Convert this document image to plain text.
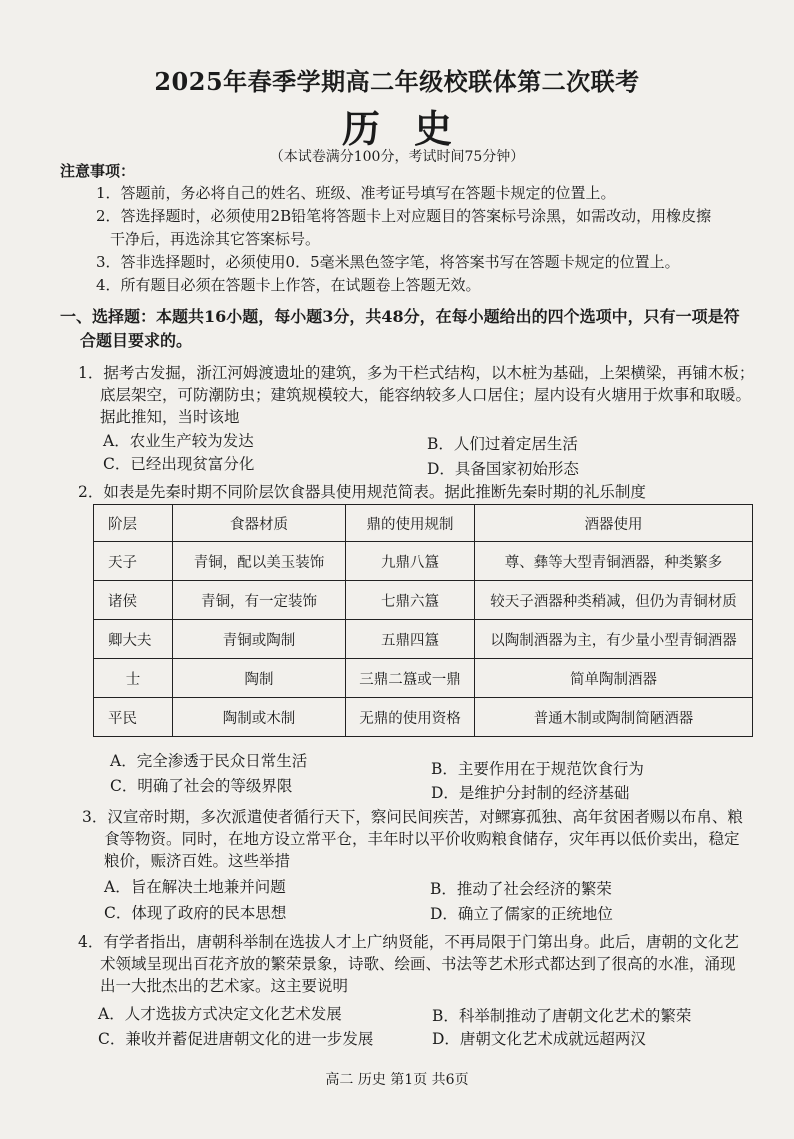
2025年春季学期高二年级校联体第二次联考
历史
（本试卷满分100分，考试时间75分钟）
注意事项：
1．答题前，务必将自己的姓名、班级、准考证号填写在答题卡规定的位置上。
2．答选择题时，必须使用2B铅笔将答题卡上对应题目的答案标号涂黑，如需改动，用橡皮擦
干净后，再选涂其它答案标号。
3．答非选择题时，必须使用0．5毫米黑色签字笔，将答案书写在答题卡规定的位置上。
4．所有题目必须在答题卡上作答，在试题卷上答题无效。
一、选择题：本题共16小题，每小题3分，共48分，在每小题给出的四个选项中，只有一项是符
合题目要求的。
1．据考古发掘，浙江河姆渡遗址的建筑，多为干栏式结构，以木桩为基础，上架横梁，再铺木板；
底层架空，可防潮防虫；建筑规模较大，能容纳较多人口居住；屋内设有火塘用于炊事和取暖。
据此推知，当时该地
A．农业生产较为发达	B．人们过着定居生活
C．已经出现贫富分化	D．具备国家初始形态
2．如表是先秦时期不同阶层饮食器具使用规范简表。据此推断先秦时期的礼乐制度
阶层	食器材质	鼎的使用规制	酒器使用
天子	青铜，配以美玉装饰	九鼎八簋	尊、彝等大型青铜酒器，种类繁多
诸侯	青铜，有一定装饰	七鼎六簋	较天子酒器种类稍减，但仍为青铜材质
卿大夫	青铜或陶制	五鼎四簋	以陶制酒器为主，有少量小型青铜酒器
士	陶制	三鼎二簋或一鼎	简单陶制酒器
平民	陶制或木制	无鼎的使用资格	普通木制或陶制简陋酒器
A．完全渗透于民众日常生活	B．主要作用在于规范饮食行为
C．明确了社会的等级界限	D．是维护分封制的经济基础
3．汉宣帝时期，多次派遣使者循行天下，察问民间疾苦，对鳏寡孤独、高年贫困者赐以布帛、粮
食等物资。同时，在地方设立常平仓，丰年时以平价收购粮食储存，灾年再以低价卖出，稳定
粮价，赈济百姓。这些举措
A．旨在解决土地兼并问题	B．推动了社会经济的繁荣
C．体现了政府的民本思想	D．确立了儒家的正统地位
4．有学者指出，唐朝科举制在选拔人才上广纳贤能，不再局限于门第出身。此后，唐朝的文化艺
术领域呈现出百花齐放的繁荣景象，诗歌、绘画、书法等艺术形式都达到了很高的水准，涌现
出一大批杰出的艺术家。这主要说明
A．人才选拔方式决定文化艺术发展	B．科举制推动了唐朝文化艺术的繁荣
C．兼收并蓄促进唐朝文化的进一步发展	D．唐朝文化艺术成就远超两汉
高二 历史 第1页 共6页
